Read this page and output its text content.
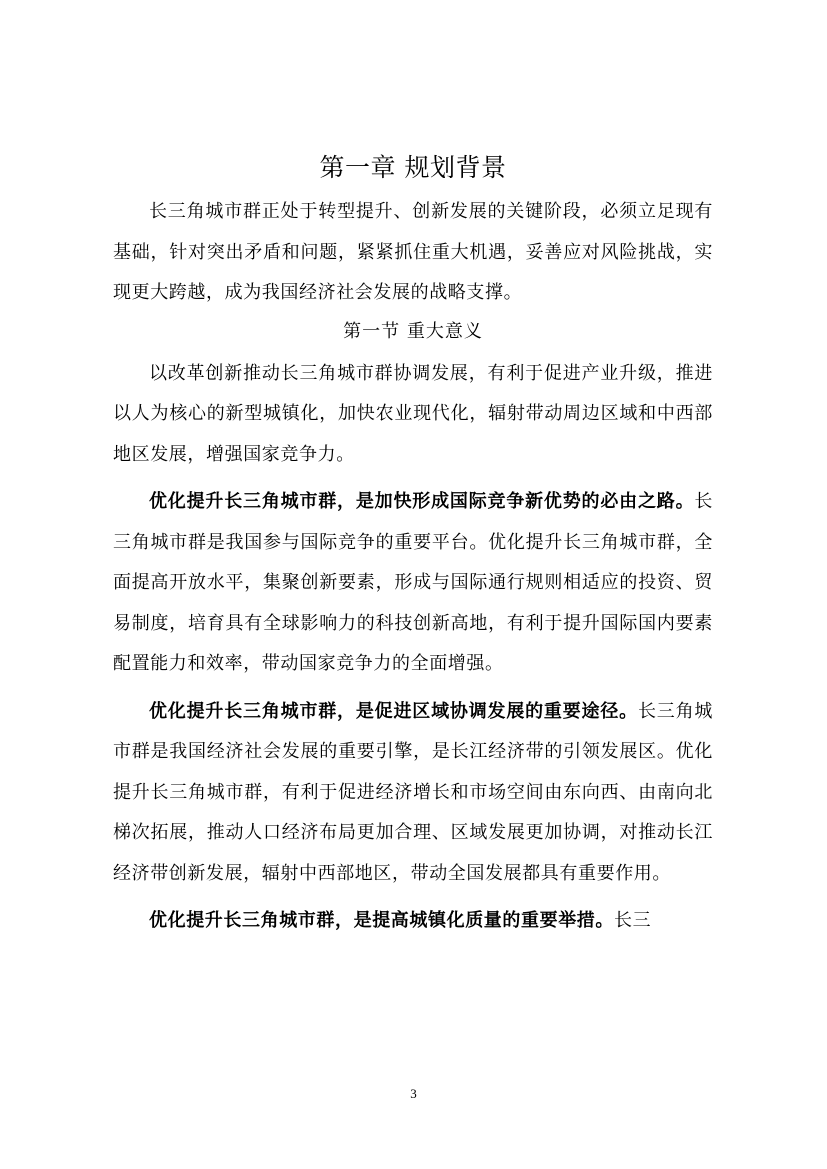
第一章 规划背景

长三角城市群正处于转型提升、创新发展的关键阶段，必须立足现有基础，针对突出矛盾和问题，紧紧抓住重大机遇，妥善应对风险挑战，实现更大跨越，成为我国经济社会发展的战略支撑。

第一节 重大意义

以改革创新推动长三角城市群协调发展，有利于促进产业升级，推进以人为核心的新型城镇化，加快农业现代化，辐射带动周边区域和中西部地区发展，增强国家竞争力。

优化提升长三角城市群，是加快形成国际竞争新优势的必由之路。长三角城市群是我国参与国际竞争的重要平台。优化提升长三角城市群，全面提高开放水平，集聚创新要素，形成与国际通行规则相适应的投资、贸易制度，培育具有全球影响力的科技创新高地，有利于提升国际国内要素配置能力和效率，带动国家竞争力的全面增强。

优化提升长三角城市群，是促进区域协调发展的重要途径。长三角城市群是我国经济社会发展的重要引擎，是长江经济带的引领发展区。优化提升长三角城市群，有利于促进经济增长和市场空间由东向西、由南向北梯次拓展，推动人口经济布局更加合理、区域发展更加协调，对推动长江经济带创新发展，辐射中西部地区，带动全国发展都具有重要作用。

优化提升长三角城市群，是提高城镇化质量的重要举措。长三

3
